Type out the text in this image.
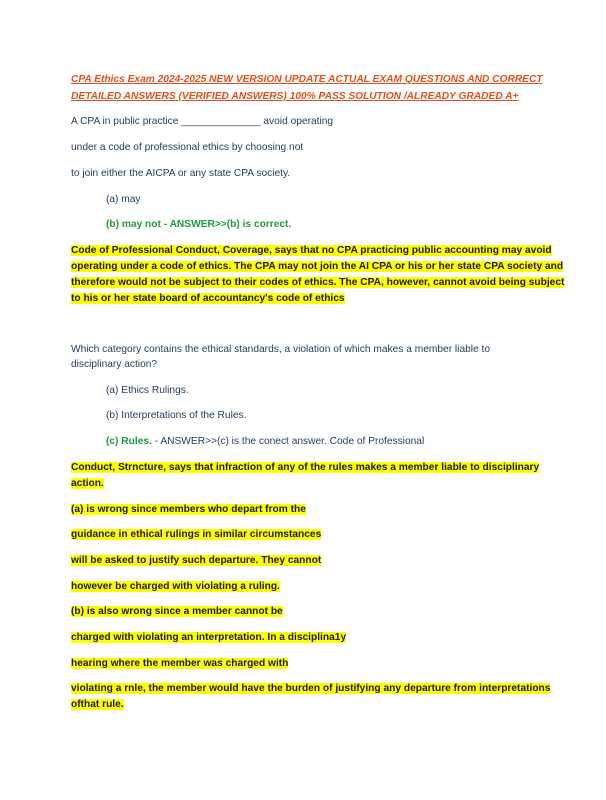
CPA Ethics Exam 2024-2025 NEW VERSION UPDATE ACTUAL EXAM QUESTIONS AND CORRECT
DETAILED ANSWERS (VERIFIED ANSWERS) 100% PASS SOLUTION /ALREADY GRADED A+
A CPA in public practice ______________ avoid operating
under a code of professional ethics by choosing not
to join either the AICPA or any state CPA society.
(a) may
(b) may not - ANSWER>>(b) is correct.
Code of Professional Conduct, Coverage, says that no CPA practicing public accounting may avoid
operating under a code of ethics. The CPA may not join the AI CPA or his or her state CPA society and
therefore would not be subject to their codes of ethics. The CPA, however, cannot avoid being subject
to his or her state board of accountancy's code of ethics
Which category contains the ethical standards, a violation of which makes a member liable to
disciplinary action?
(a) Ethics Rulings.
(b) Interpretations of the Rules.
(c) Rules. - ANSWER>>(c) is the conect answer. Code of Professional
Conduct, Strncture, says that infraction of any of the rules makes a member liable to disciplinary
action.
(a) is wrong since members who depart from the
guidance in ethical rulings in similar circumstances
will be asked to justify such departure. They cannot
however be charged with violating a ruling.
(b) is also wrong since a member cannot be
charged with violating an interpretation. In a disciplina1y
hearing where the member was charged with
violating a rnle, the member would have the burden of justifying any departure from interpretations
ofthat rule.
